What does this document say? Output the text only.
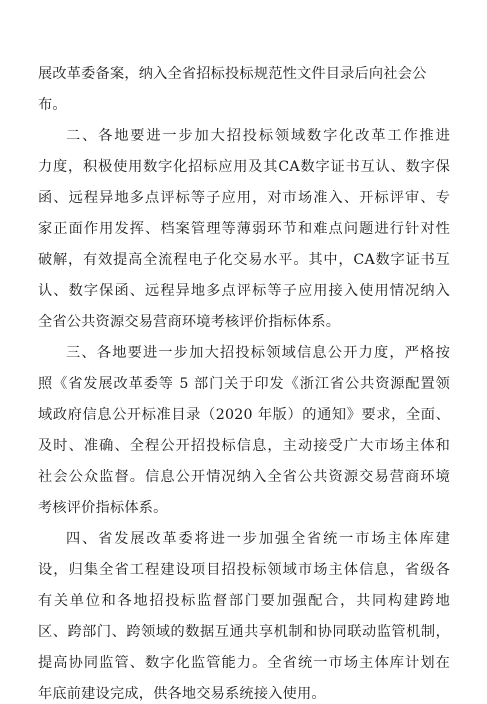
展改革委备案，纳入全省招标投标规范性文件目录后向社会公
布。
二、各地要进一步加大招投标领域数字化改革工作推进
力度，积极使用数字化招标应用及其CA数字证书互认、数字保
函、远程异地多点评标等子应用，对市场准入、开标评审、专
家正面作用发挥、档案管理等薄弱环节和难点问题进行针对性
破解，有效提高全流程电子化交易水平。其中，CA数字证书互
认、数字保函、远程异地多点评标等子应用接入使用情况纳入
全省公共资源交易营商环境考核评价指标体系。
三、各地要进一步加大招投标领域信息公开力度，严格按
照《省发展改革委等 5 部门关于印发《浙江省公共资源配置领
域政府信息公开标准目录（2020 年版）的通知》要求，全面、
及时、准确、全程公开招投标信息，主动接受广大市场主体和
社会公众监督。信息公开情况纳入全省公共资源交易营商环境
考核评价指标体系。
四、省发展改革委将进一步加强全省统一市场主体库建
设，归集全省工程建设项目招投标领域市场主体信息，省级各
有关单位和各地招投标监督部门要加强配合，共同构建跨地
区、跨部门、跨领域的数据互通共享机制和协同联动监管机制，
提高协同监管、数字化监管能力。全省统一市场主体库计划在
年底前建设完成，供各地交易系统接入使用。
